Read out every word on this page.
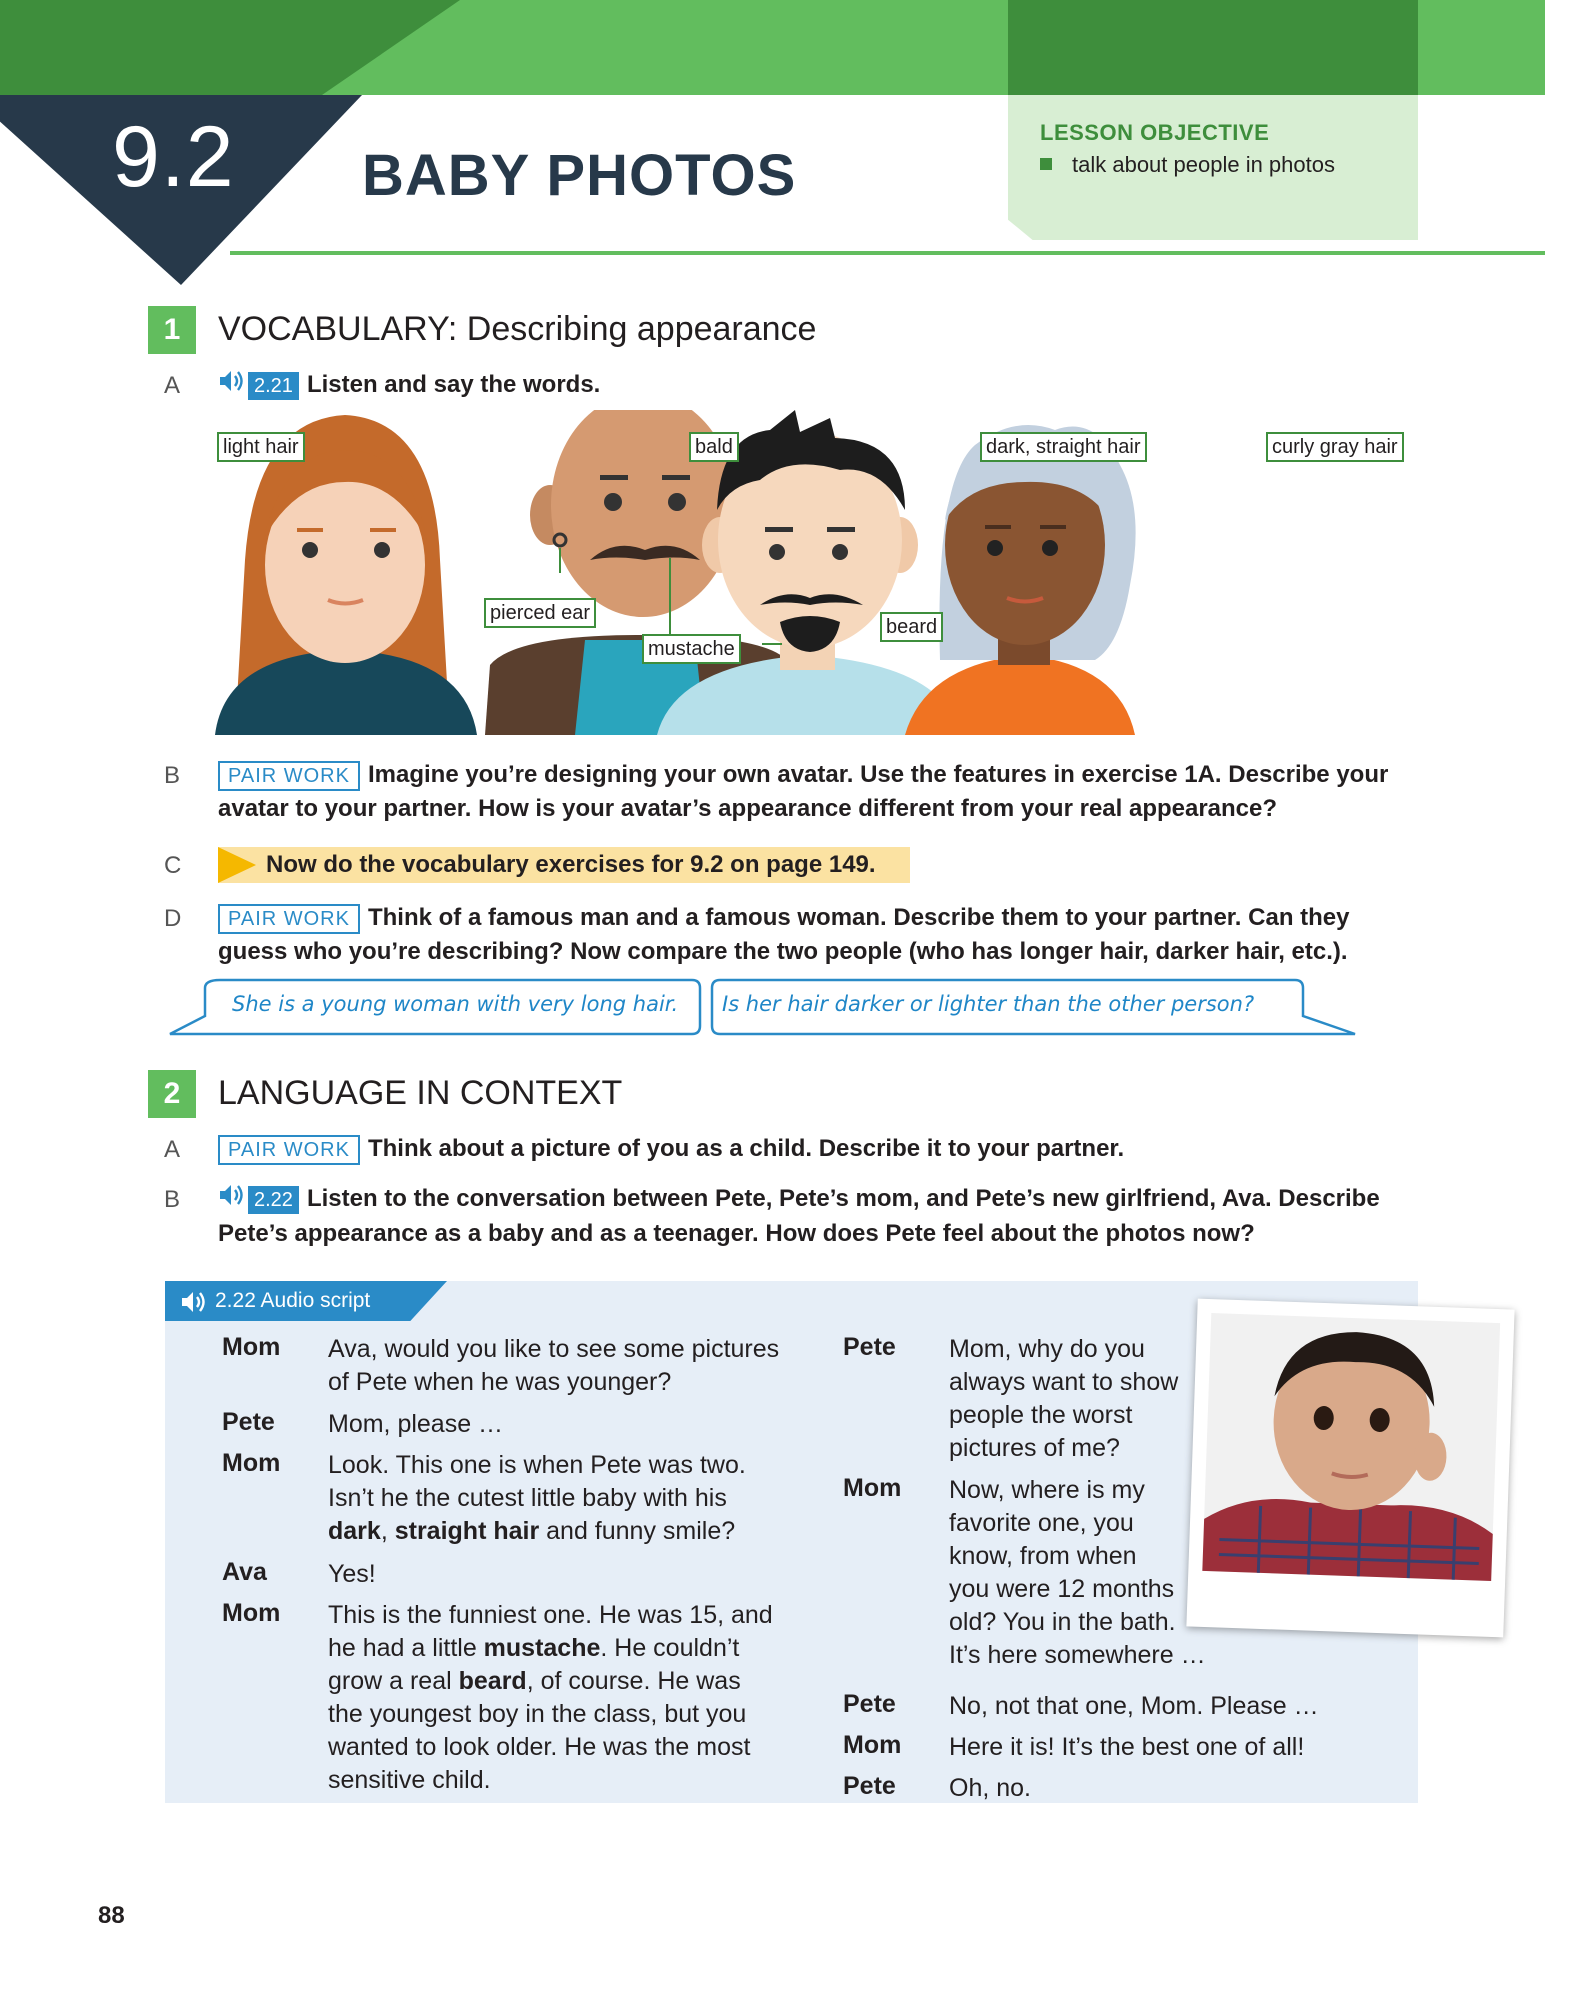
9.2 BABY PHOTOS
LESSON OBJECTIVE
talk about people in photos
1	VOCABULARY: Describing appearance
A	2.21 Listen and say the words.
light hair	bald	dark, straight hair	curly gray hair
pierced ear
mustache
beard
B	PAIR WORK Imagine you’re designing your own avatar. Use the features in exercise 1A. Describe your
avatar to your partner. How is your avatar’s appearance different from your real appearance?
C	Now do the vocabulary exercises for 9.2 on page 149.
D	PAIR WORK Think of a famous man and a famous woman. Describe them to your partner. Can they
guess who you’re describing? Now compare the two people (who has longer hair, darker hair, etc.).
She is a young woman with very long hair. Is her hair darker or lighter than the other person?
2	LANGUAGE IN CONTEXT
A	PAIR WORK Think about a picture of you as a child. Describe it to your partner.
B	2.22 Listen to the conversation between Pete, Pete’s mom, and Pete’s new girlfriend, Ava. Describe
Pete’s appearance as a baby and as a teenager. How does Pete feel about the photos now?
2.22 Audio script
Mom Ava, would you like to see some pictures
of Pete when he was younger?
Pete Mom, please …
Mom Look. This one is when Pete was two.
Isn’t he the cutest little baby with his
dark, straight hair and funny smile?
Ava Yes!
Mom This is the funniest one. He was 15, and
he had a little mustache. He couldn’t
grow a real beard, of course. He was
the youngest boy in the class, but you
wanted to look older. He was the most
sensitive child.
Pete Mom, why do you
always want to show
people the worst
pictures of me?
Mom Now, where is my
favorite one, you
know, from when
you were 12 months
old? You in the bath.
It’s here somewhere …
Pete No, not that one, Mom. Please …
Mom Here it is! It’s the best one of all!
Pete Oh, no.
88
